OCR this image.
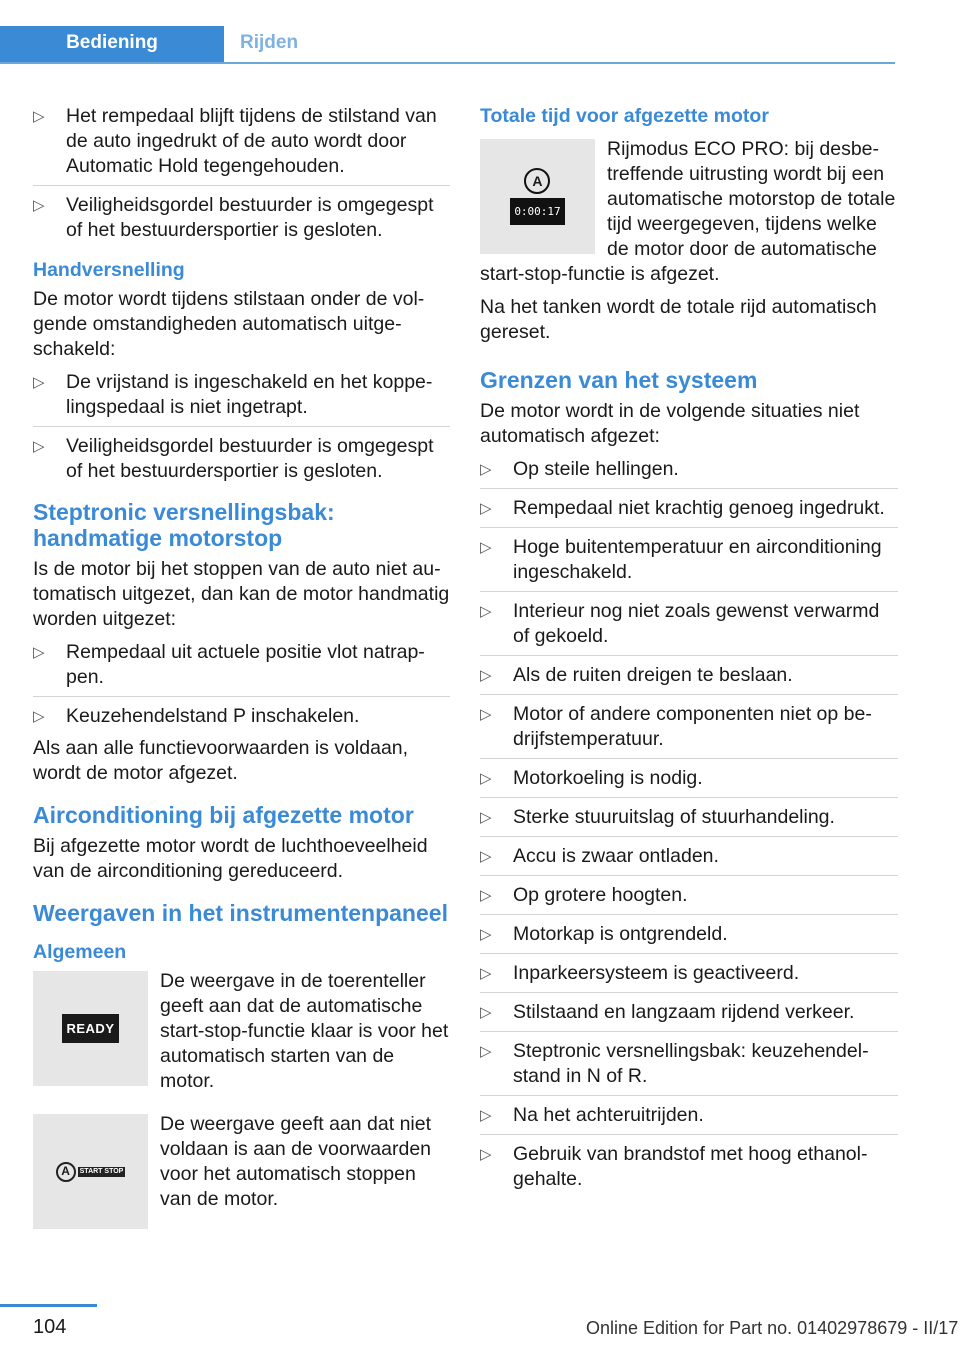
Bediening	Rijden
▷ Het rempedaal blijft tijdens de stilstand van de auto ingedrukt of de auto wordt door Automatic Hold tegengehouden.
▷ Veiligheidsgordel bestuurder is omgegespt of het bestuurdersportier is gesloten.
Handversnelling
De motor wordt tijdens stilstaan onder de volgende omstandigheden automatisch uitgeschakeld:
▷ De vrijstand is ingeschakeld en het koppelingspedaal is niet ingetrapt.
▷ Veiligheidsgordel bestuurder is omgegespt of het bestuurdersportier is gesloten.
Steptronic versnellingsbak: handmatige motorstop
Is de motor bij het stoppen van de auto niet automatisch uitgezet, dan kan de motor handmatig worden uitgezet:
▷ Rempedaal uit actuele positie vlot natrappen.
▷ Keuzehendelstand P inschakelen.
Als aan alle functievoorwaarden is voldaan, wordt de motor afgezet.
Airconditioning bij afgezette motor
Bij afgezette motor wordt de luchthoeveelheid van de airconditioning gereduceerd.
Weergaven in het instrumentenpaneel
Algemeen
READY
De weergave in de toerenteller geeft aan dat de automatische start-stop-functie klaar is voor het automatisch starten van de motor.
A	START STOP
De weergave geeft aan dat niet voldaan is aan de voorwaarden voor het automatisch stoppen van de motor.
Totale tijd voor afgezette motor
A
0:00:17
Rijmodus ECO PRO: bij desbetreffende uitrusting wordt bij een automatische motorstop de totale tijd weergegeven, tijdens welke de motor door de automatische start-stop-functie is afgezet.
Na het tanken wordt de totale rijd automatisch gereset.
Grenzen van het systeem
De motor wordt in de volgende situaties niet automatisch afgezet:
▷ Op steile hellingen.
▷ Rempedaal niet krachtig genoeg ingedrukt.
▷ Hoge buitentemperatuur en airconditioning ingeschakeld.
▷ Interieur nog niet zoals gewenst verwarmd of gekoeld.
▷ Als de ruiten dreigen te beslaan.
▷ Motor of andere componenten niet op bedrijfstemperatuur.
▷ Motorkoeling is nodig.
▷ Sterke stuuruitslag of stuurhandeling.
▷ Accu is zwaar ontladen.
▷ Op grotere hoogten.
▷ Motorkap is ontgrendeld.
▷ Inparkeersysteem is geactiveerd.
▷ Stilstaand en langzaam rijdend verkeer.
▷ Steptronic versnellingsbak: keuzehendelstand in N of R.
▷ Na het achteruitrijden.
▷ Gebruik van brandstof met hoog ethanolgehalte.
104	Online Edition for Part no. 01402978679 - II/17
